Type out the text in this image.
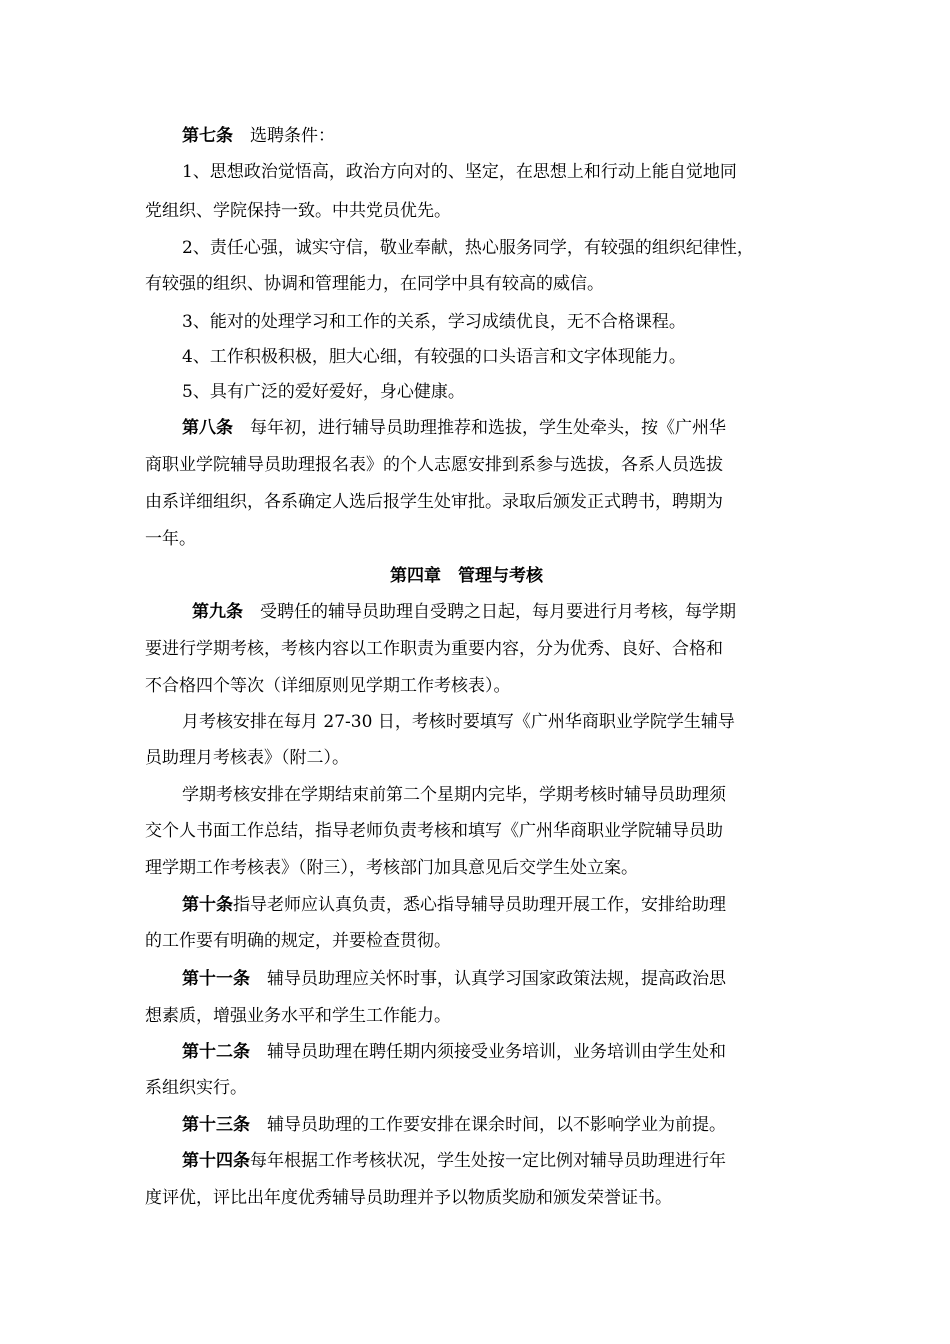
第七条　选聘条件：
1、思想政治觉悟高，政治方向对的、坚定，在思想上和行动上能自觉地同
党组织、学院保持一致。中共党员优先。
2、责任心强，诚实守信，敬业奉献，热心服务同学，有较强的组织纪律性，
有较强的组织、协调和管理能力，在同学中具有较高的威信。
3、能对的处理学习和工作的关系，学习成绩优良，无不合格课程。
4、工作积极积极，胆大心细，有较强的口头语言和文字体现能力。
5、具有广泛的爱好爱好，身心健康。
第八条　每年初，进行辅导员助理推荐和选拔，学生处牵头，按《广州华
商职业学院辅导员助理报名表》的个人志愿安排到系参与选拔，各系人员选拔
由系详细组织，各系确定人选后报学生处审批。录取后颁发正式聘书，聘期为
一年。
第四章　管理与考核
第九条　受聘任的辅导员助理自受聘之日起，每月要进行月考核，每学期
要进行学期考核，考核内容以工作职责为重要内容，分为优秀、良好、合格和
不合格四个等次（详细原则见学期工作考核表）。
月考核安排在每月 27-30 日，考核时要填写《广州华商职业学院学生辅导
员助理月考核表》（附二）。
学期考核安排在学期结束前第二个星期内完毕，学期考核时辅导员助理须
交个人书面工作总结，指导老师负责考核和填写《广州华商职业学院辅导员助
理学期工作考核表》（附三），考核部门加具意见后交学生处立案。
第十条指导老师应认真负责，悉心指导辅导员助理开展工作，安排给助理
的工作要有明确的规定，并要检查贯彻。
第十一条　辅导员助理应关怀时事，认真学习国家政策法规，提高政治思
想素质，增强业务水平和学生工作能力。
第十二条　辅导员助理在聘任期内须接受业务培训，业务培训由学生处和
系组织实行。
第十三条　辅导员助理的工作要安排在课余时间，以不影响学业为前提。
第十四条每年根据工作考核状况，学生处按一定比例对辅导员助理进行年
度评优，评比出年度优秀辅导员助理并予以物质奖励和颁发荣誉证书。
